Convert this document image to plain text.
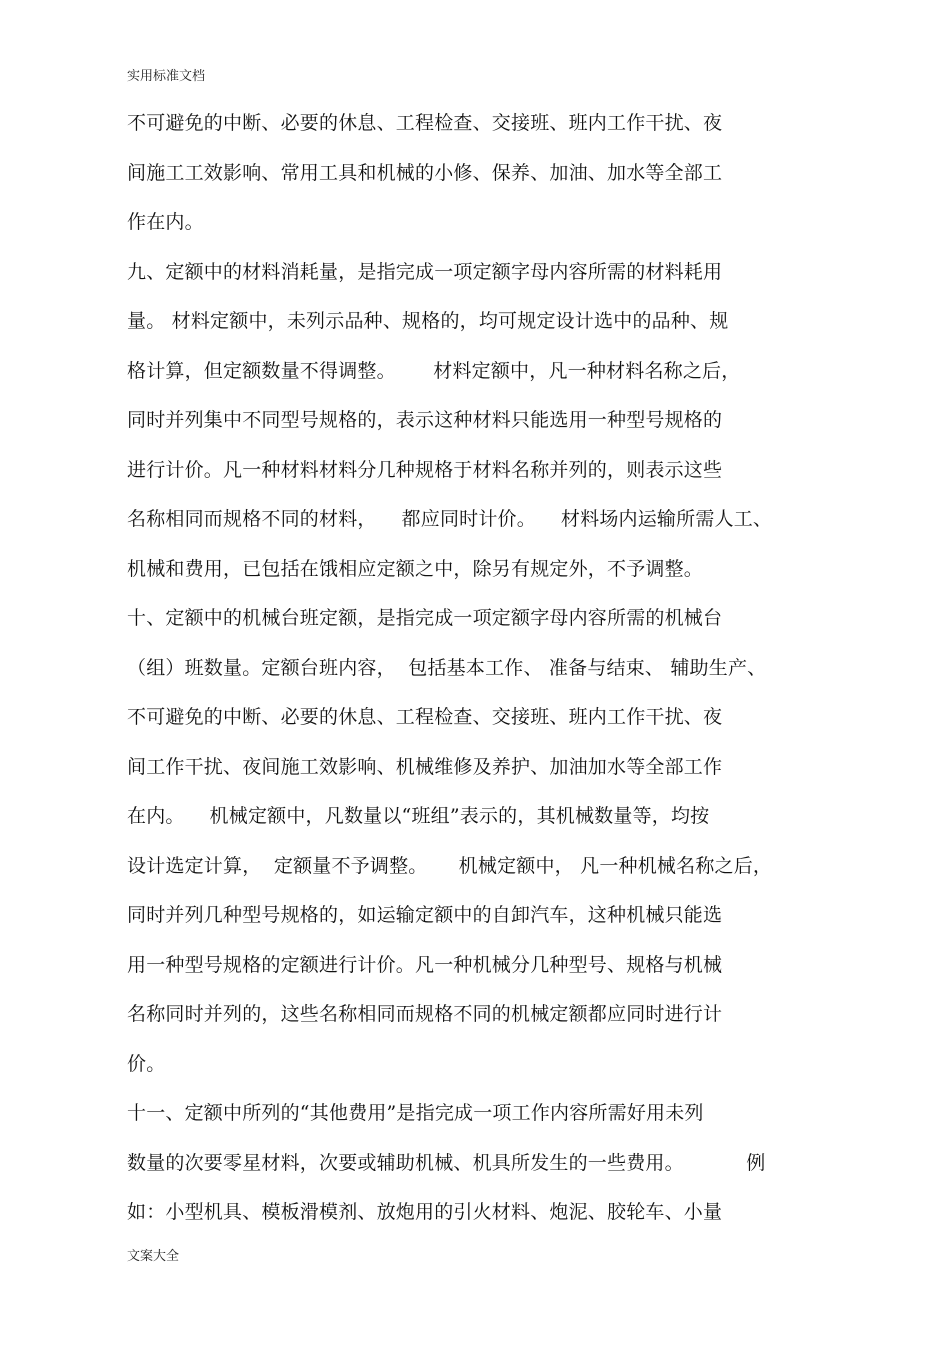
实用标准文档
不可避免的中断、必要的休息、工程检查、交接班、班内工作干扰、夜
间施工工效影响、常用工具和机械的小修、保养、加油、加水等全部工
作在内。
九、定额中的材料消耗量，是指完成一项定额字母内容所需的材料耗用
量。 材料定额中，未列示品种、规格的，均可规定设计选中的品种、规
格计算，但定额数量不得调整。      材料定额中，凡一种材料名称之后，
同时并列集中不同型号规格的，表示这种材料只能选用一种型号规格的
进行计价。凡一种材料材料分几种规格于材料名称并列的，则表示这些
名称相同而规格不同的材料，    都应同时计价。    材料场内运输所需人工、
机械和费用，已包括在饿相应定额之中，除另有规定外，不予调整。
十、定额中的机械台班定额，是指完成一项定额字母内容所需的机械台
（组）班数量。定额台班内容，  包括基本工作、 准备与结束、 辅助生产、
不可避免的中断、必要的休息、工程检查、交接班、班内工作干扰、夜
间工作干扰、夜间施工效影响、机械维修及养护、加油加水等全部工作
在内。    机械定额中，凡数量以“班组”表示的，其机械数量等，均按
设计选定计算，  定额量不予调整。     机械定额中， 凡一种机械名称之后，
同时并列几种型号规格的，如运输定额中的自卸汽车，这种机械只能选
用一种型号规格的定额进行计价。凡一种机械分几种型号、规格与机械
名称同时并列的，这些名称相同而规格不同的机械定额都应同时进行计
价。
十一、定额中所列的“其他费用”是指完成一项工作内容所需好用未列
数量的次要零星材料，次要或辅助机械、机具所发生的一些费用。          例
如：小型机具、模板滑模剂、放炮用的引火材料、炮泥、胶轮车、小量
文案大全
